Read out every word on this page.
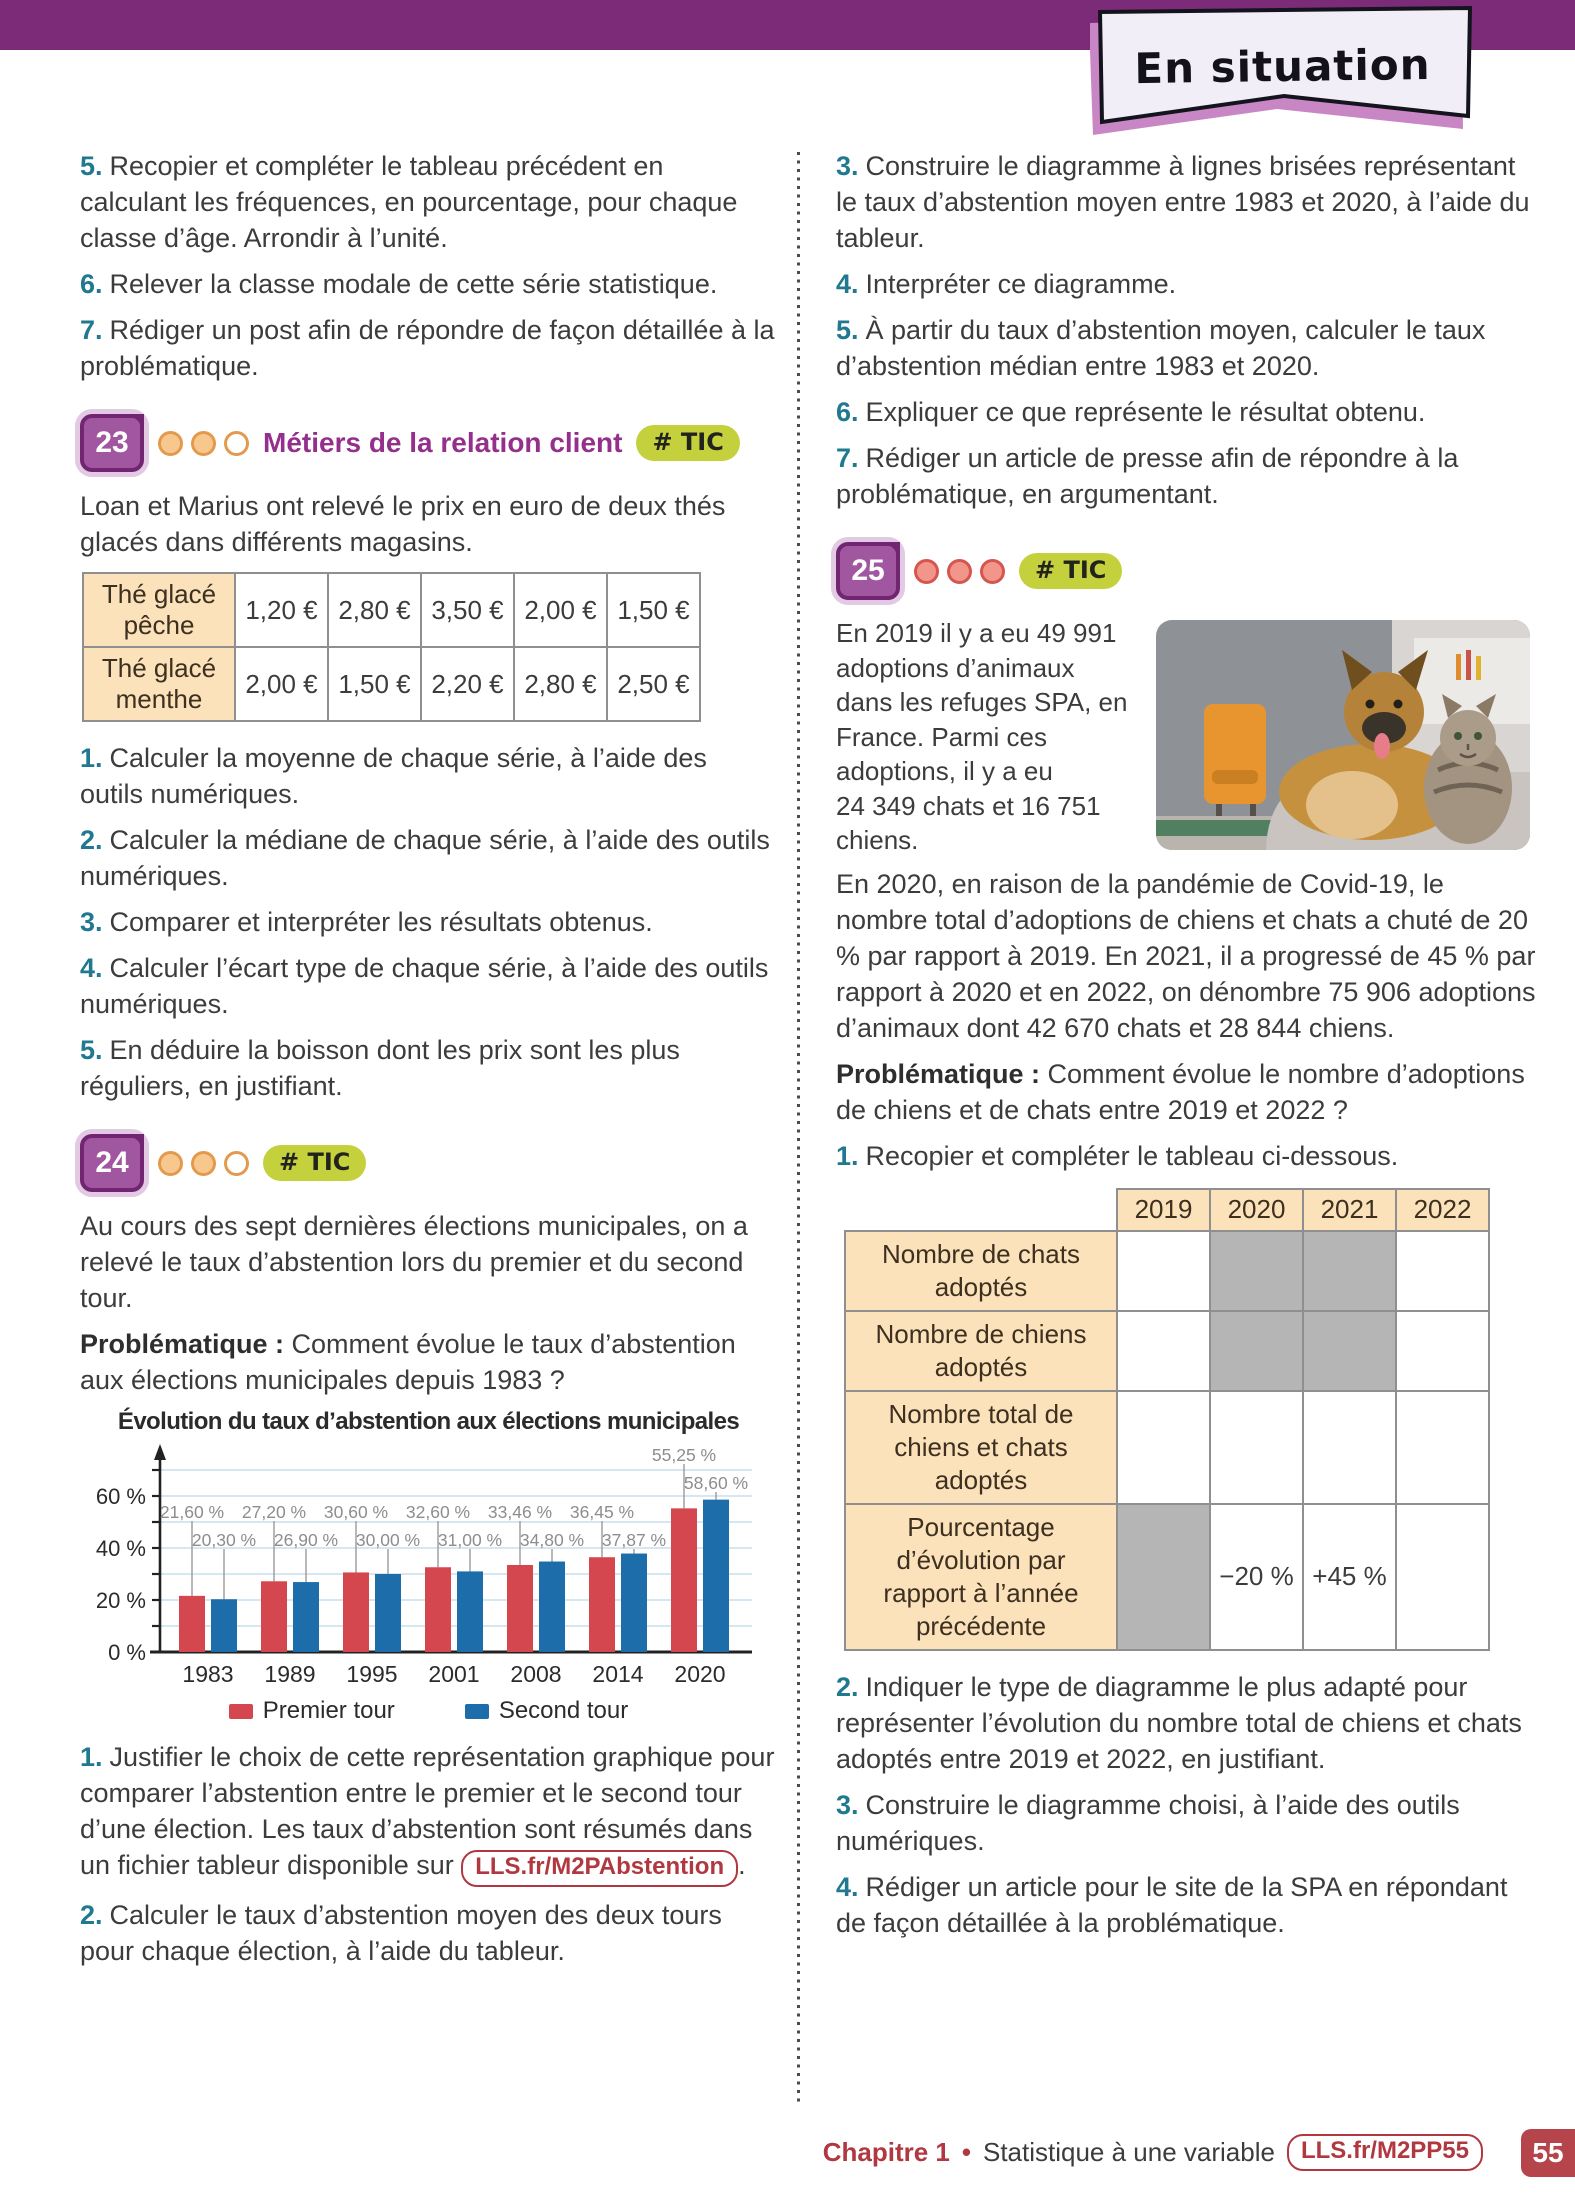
En situation

5. Recopier et compléter le tableau précédent en calculant les fréquences, en pourcentage, pour chaque classe d’âge. Arrondir à l’unité.

6. Relever la classe modale de cette série statistique.

7. Rédiger un post afin de répondre de façon détaillée à la problématique.

23	Métiers de la relation client	# TIC

Loan et Marius ont relevé le prix en euro de deux thés glacés dans différents magasins.

Thé glacé pêche	1,20 €	2,80 €	3,50 €	2,00 €	1,50 €
Thé glacé menthe	2,00 €	1,50 €	2,20 €	2,80 €	2,50 €

1. Calculer la moyenne de chaque série, à l’aide des outils numériques.

2. Calculer la médiane de chaque série, à l’aide des outils numériques.

3. Comparer et interpréter les résultats obtenus.

4. Calculer l’écart type de chaque série, à l’aide des outils numériques.

5. En déduire la boisson dont les prix sont les plus réguliers, en justifiant.

24	# TIC

Au cours des sept dernières élections municipales, on a relevé le taux d’abstention lors du premier et du second tour.

Problématique : Comment évolue le taux d’abstention aux élections municipales depuis 1983 ?

Évolution du taux d’abstention aux élections municipales
0 %
20 %
40 %
60 %
1983
21,60 %
20,30 %
1989
27,20 %
26,90 %
1995
30,60 %
30,00 %
2001
32,60 %
31,00 %
2008
33,46 %
34,80 %
2014
36,45 %
37,87 %
2020
55,25 %
58,60 %
Premier tour	Second tour

1. Justifier le choix de cette représentation graphique pour comparer l’abstention entre le premier et le second tour d’une élection. Les taux d’abstention sont résumés dans un fichier tableur disponible sur LLS.fr/M2PAbstention .

2. Calculer le taux d’abstention moyen des deux tours pour chaque élection, à l’aide du tableur.

3. Construire le diagramme à lignes brisées représentant le taux d’abstention moyen entre 1983 et 2020, à l’aide du tableur.

4. Interpréter ce diagramme.

5. À partir du taux d’abstention moyen, calculer le taux d’abstention médian entre 1983 et 2020.

6. Expliquer ce que représente le résultat obtenu.

7. Rédiger un article de presse afin de répondre à la problématique, en argumentant.

25	# TIC
En 2019 il y a eu 49 991 adoptions d’animaux dans les refuges SPA, en France. Parmi ces adoptions, il y a eu 24 349 chats et 16 751 chiens.

En 2020, en raison de la pandémie de Covid-19, le nombre total d’adoptions de chiens et chats a chuté de 20 % par rapport à 2019. En 2021, il a progressé de 45 % par rapport à 2020 et en 2022, on dénombre 75 906 adoptions d’animaux dont 42 670 chats et 28 844 chiens.

Problématique : Comment évolue le nombre d’adoptions de chiens et de chats entre 2019 et 2022 ?

1. Recopier et compléter le tableau ci-dessous.

	2019	2020	2021	2022
Nombre de chats adoptés				
Nombre de chiens adoptés				
Nombre total de chiens et chats adoptés				
Pourcentage d’évolution par rapport à l’année précédente		−20 %	+45 %	

2. Indiquer le type de diagramme le plus adapté pour représenter l’évolution du nombre total de chiens et chats adoptés entre 2019 et 2022, en justifiant.

3. Construire le diagramme choisi, à l’aide des outils numériques.

4. Rédiger un article pour le site de la SPA en répondant de façon détaillée à la problématique.

Chapitre 1 • Statistique à une variable	LLS.fr/M2PP55	55
